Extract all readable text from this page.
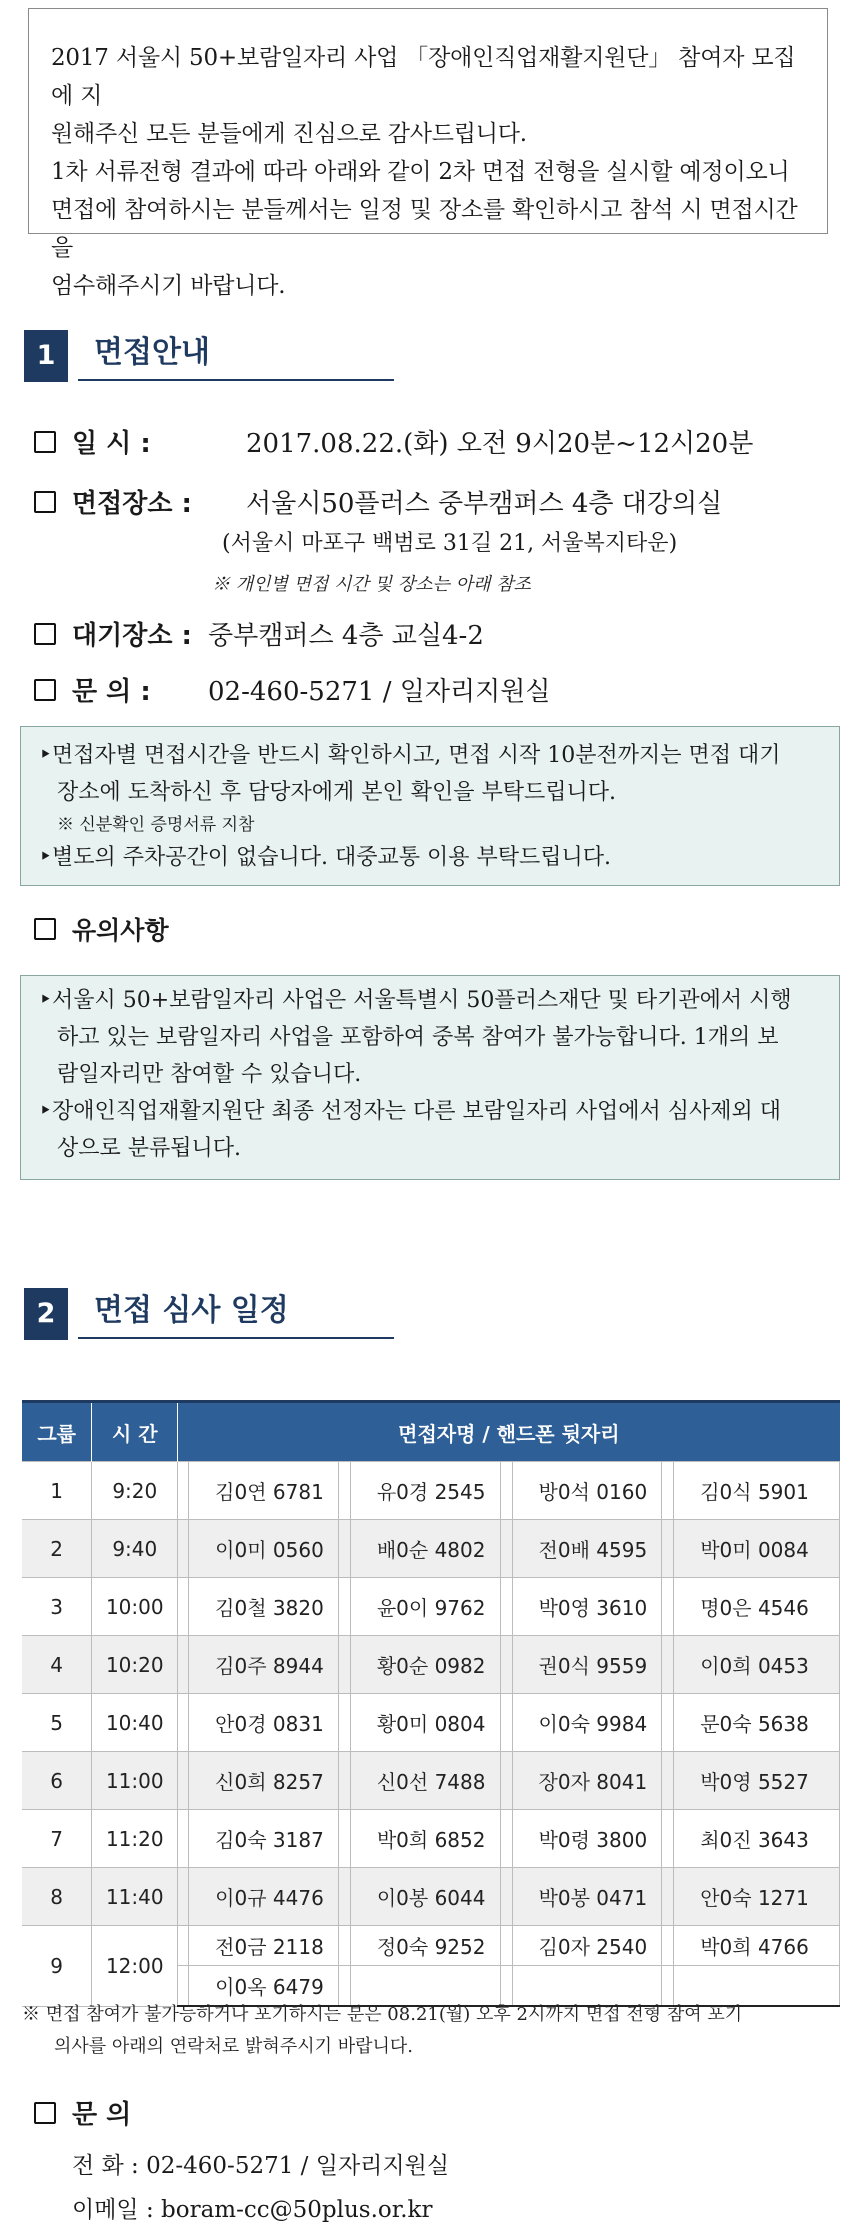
2017 서울시 50+보람일자리 사업 「장애인직업재활지원단」 참여자 모집에 지
원해주신 모든 분들에게 진심으로 감사드립니다.
1차 서류전형 결과에 따라 아래와 같이 2차 면접 전형을 실시할 예정이오니
면접에 참여하시는 분들께서는 일정 및 장소를 확인하시고 참석 시 면접시간을
엄수해주시기 바랍니다.
1	면접안내
일 시 :	2017.08.22.(화) 오전 9시20분~12시20분
면접장소 : 서울시50플러스 중부캠퍼스 4층 대강의실
(서울시 마포구 백범로 31길 21, 서울복지타운)
※ 개인별 면접 시간 및 장소는 아래 참조
대기장소 : 중부캠퍼스 4층 교실4-2
문 의 : 02-460-5271 / 일자리지원실
‣면접자별 면접시간을 반드시 확인하시고, 면접 시작 10분전까지는 면접 대기
장소에 도착하신 후 담당자에게 본인 확인을 부탁드립니다.
※ 신분확인 증명서류 지참
‣별도의 주차공간이 없습니다. 대중교통 이용 부탁드립니다.
유의사항
‣서울시 50+보람일자리 사업은 서울특별시 50플러스재단 및 타기관에서 시행
하고 있는 보람일자리 사업을 포함하여 중복 참여가 불가능합니다. 1개의 보
람일자리만 참여할 수 있습니다.
‣장애인직업재활지원단 최종 선정자는 다른 보람일자리 사업에서 심사제외 대
상으로 분류됩니다.
2	면접 심사 일정
그룹	시 간	면접자명 / 핸드폰 뒷자리							
1	9:20		김0연 6781		유0경 2545		방0석 0160		김0식 5901
2	9:40		이0미 0560		배0순 4802		전0배 4595		박0미 0084
3	10:00		김0철 3820		윤0이 9762		박0영 3610		명0은 4546
4	10:20		김0주 8944		황0순 0982		권0식 9559		이0희 0453
5	10:40		안0경 0831		황0미 0804		이0숙 9984		문0숙 5638
6	11:00		신0희 8257		신0선 7488		장0자 8041		박0영 5527
7	11:20		김0숙 3187		박0희 6852		박0령 3800		최0진 3643
8	11:40		이0규 4476		이0봉 6044		박0봉 0471		안0숙 1271
9	12:00		전0금 2118		정0숙 9252		김0자 2540		박0희 4766
			이0옥 6479						
※ 면접 참여가 불가능하거나 포기하시는 분은 08.21(월) 오후 2시까지 면접 전형 참여 포기
의사를 아래의 연락처로 밝혀주시기 바랍니다.
문 의
전 화 : 02-460-5271 / 일자리지원실
이메일 : boram-cc@50plus.or.kr
